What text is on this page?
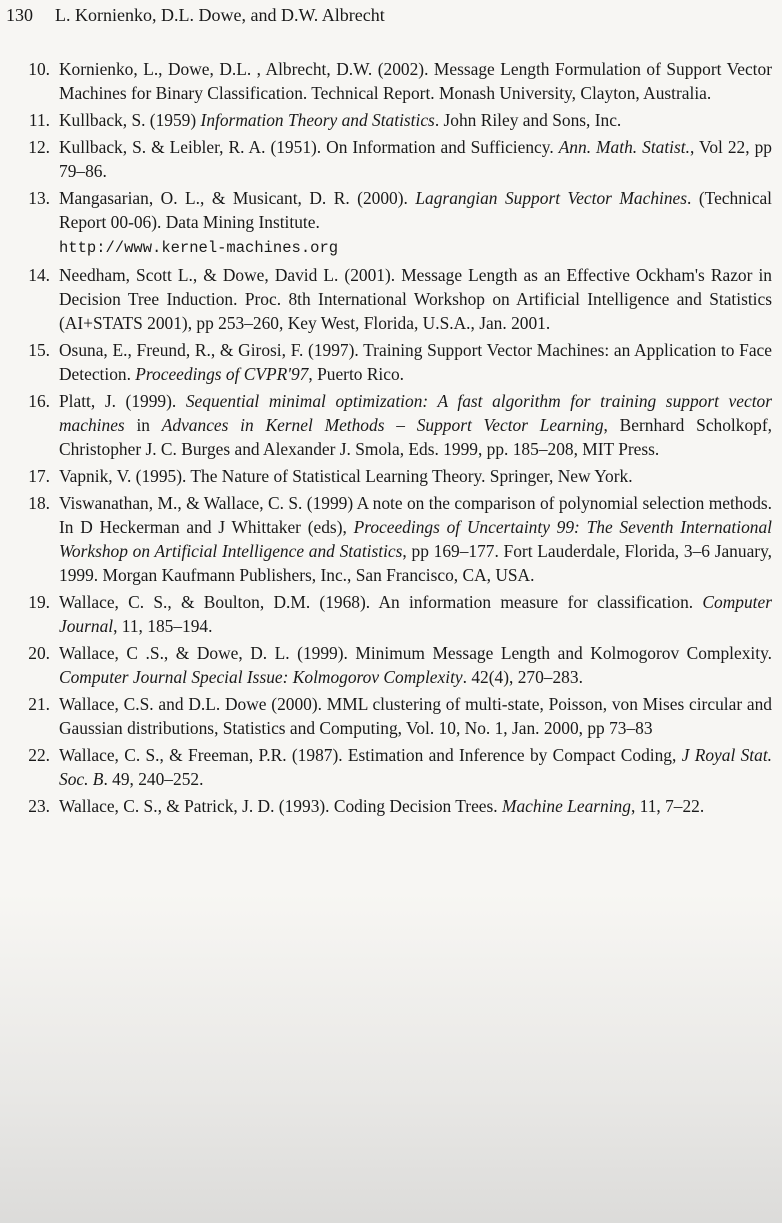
130 L. Kornienko, D.L. Dowe, and D.W. Albrecht
10. Kornienko, L., Dowe, D.L. , Albrecht, D.W. (2002). Message Length Formulation of Support Vector Machines for Binary Classification. Technical Report. Monash University, Clayton, Australia.
11. Kullback, S. (1959) Information Theory and Statistics. John Riley and Sons, Inc.
12. Kullback, S. & Leibler, R. A. (1951). On Information and Sufficiency. Ann. Math. Statist., Vol 22, pp 79–86.
13. Mangasarian, O. L., & Musicant, D. R. (2000). Lagrangian Support Vector Machines. (Technical Report 00-06). Data Mining Institute.
http://www.kernel-machines.org
14. Needham, Scott L., & Dowe, David L. (2001). Message Length as an Effective Ockham's Razor in Decision Tree Induction. Proc. 8th International Workshop on Artificial Intelligence and Statistics (AI+STATS 2001), pp 253–260, Key West, Florida, U.S.A., Jan. 2001.
15. Osuna, E., Freund, R., & Girosi, F. (1997). Training Support Vector Machines: an Application to Face Detection. Proceedings of CVPR'97, Puerto Rico.
16. Platt, J. (1999). Sequential minimal optimization: A fast algorithm for training support vector machines in Advances in Kernel Methods – Support Vector Learning, Bernhard Scholkopf, Christopher J. C. Burges and Alexander J. Smola, Eds. 1999, pp. 185–208, MIT Press.
17. Vapnik, V. (1995). The Nature of Statistical Learning Theory. Springer, New York.
18. Viswanathan, M., & Wallace, C. S. (1999) A note on the comparison of polynomial selection methods. In D Heckerman and J Whittaker (eds), Proceedings of Uncertainty 99: The Seventh International Workshop on Artificial Intelligence and Statistics, pp 169–177. Fort Lauderdale, Florida, 3–6 January, 1999. Morgan Kaufmann Publishers, Inc., San Francisco, CA, USA.
19. Wallace, C. S., & Boulton, D.M. (1968). An information measure for classification. Computer Journal, 11, 185–194.
20. Wallace, C .S., & Dowe, D. L. (1999). Minimum Message Length and Kolmogorov Complexity. Computer Journal Special Issue: Kolmogorov Complexity. 42(4), 270–283.
21. Wallace, C.S. and D.L. Dowe (2000). MML clustering of multi-state, Poisson, von Mises circular and Gaussian distributions, Statistics and Computing, Vol. 10, No. 1, Jan. 2000, pp 73–83
22. Wallace, C. S., & Freeman, P.R. (1987). Estimation and Inference by Compact Coding, J Royal Stat. Soc. B. 49, 240–252.
23. Wallace, C. S., & Patrick, J. D. (1993). Coding Decision Trees. Machine Learning, 11, 7–22.
